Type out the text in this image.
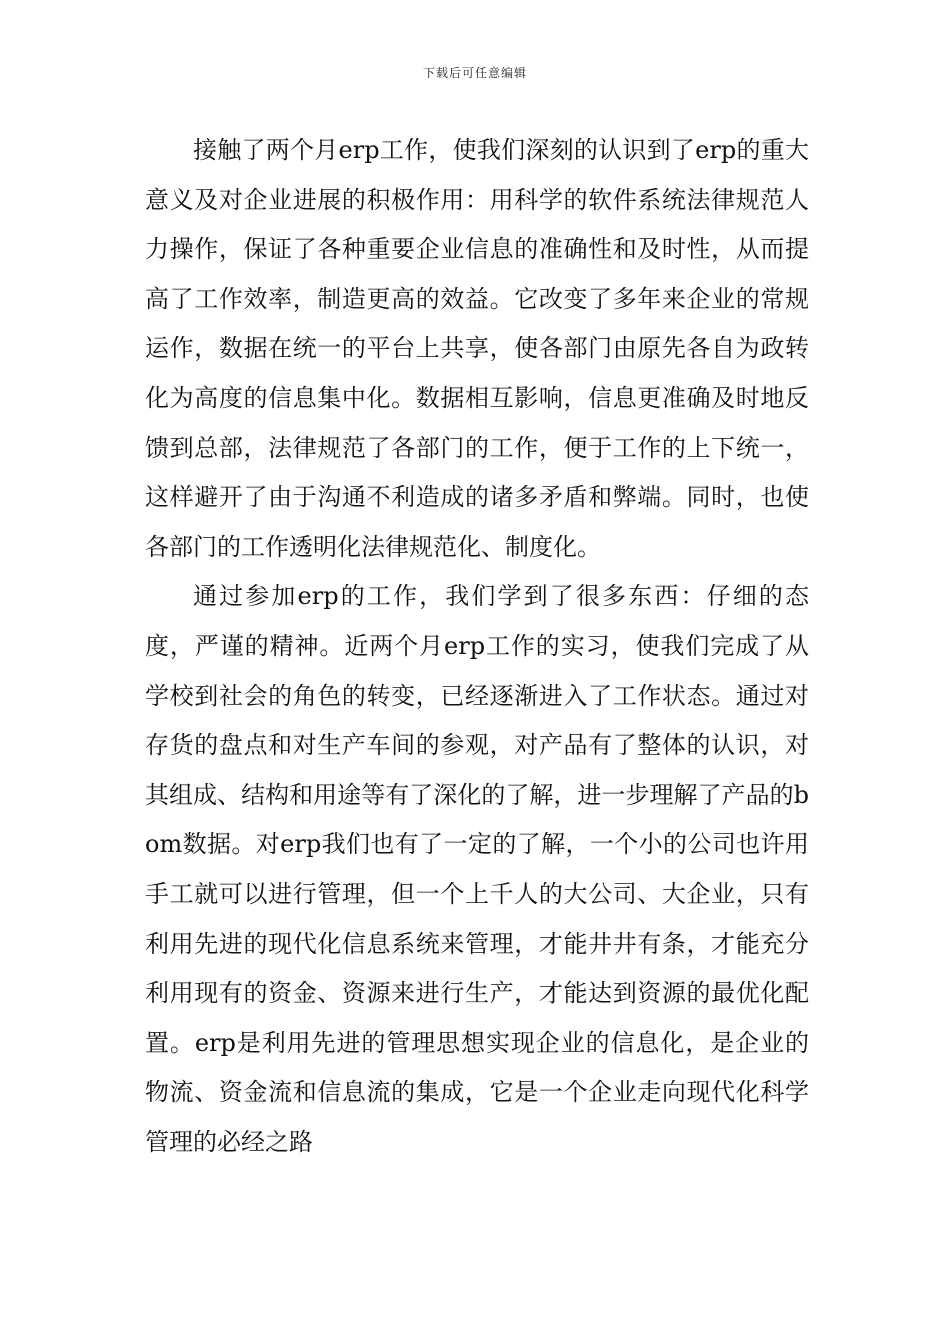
下载后可任意编辑

接触了两个月erp工作，使我们深刻的认识到了erp的重大意义及对企业进展的积极作用：用科学的软件系统法律规范人力操作，保证了各种重要企业信息的准确性和及时性，从而提高了工作效率，制造更高的效益。它改变了多年来企业的常规运作，数据在统一的平台上共享，使各部门由原先各自为政转化为高度的信息集中化。数据相互影响，信息更准确及时地反馈到总部，法律规范了各部门的工作，便于工作的上下统一，这样避开了由于沟通不利造成的诸多矛盾和弊端。同时，也使各部门的工作透明化法律规范化、制度化。

通过参加erp的工作，我们学到了很多东西：仔细的态度，严谨的精神。近两个月erp工作的实习，使我们完成了从学校到社会的角色的转变，已经逐渐进入了工作状态。通过对存货的盘点和对生产车间的参观，对产品有了整体的认识，对其组成、结构和用途等有了深化的了解，进一步理解了产品的bom数据。对erp我们也有了一定的了解，一个小的公司也许用手工就可以进行管理，但一个上千人的大公司、大企业，只有利用先进的现代化信息系统来管理，才能井井有条，才能充分利用现有的资金、资源来进行生产，才能达到资源的最优化配置。erp是利用先进的管理思想实现企业的信息化，是企业的物流、资金流和信息流的集成，它是一个企业走向现代化科学管理的必经之路
